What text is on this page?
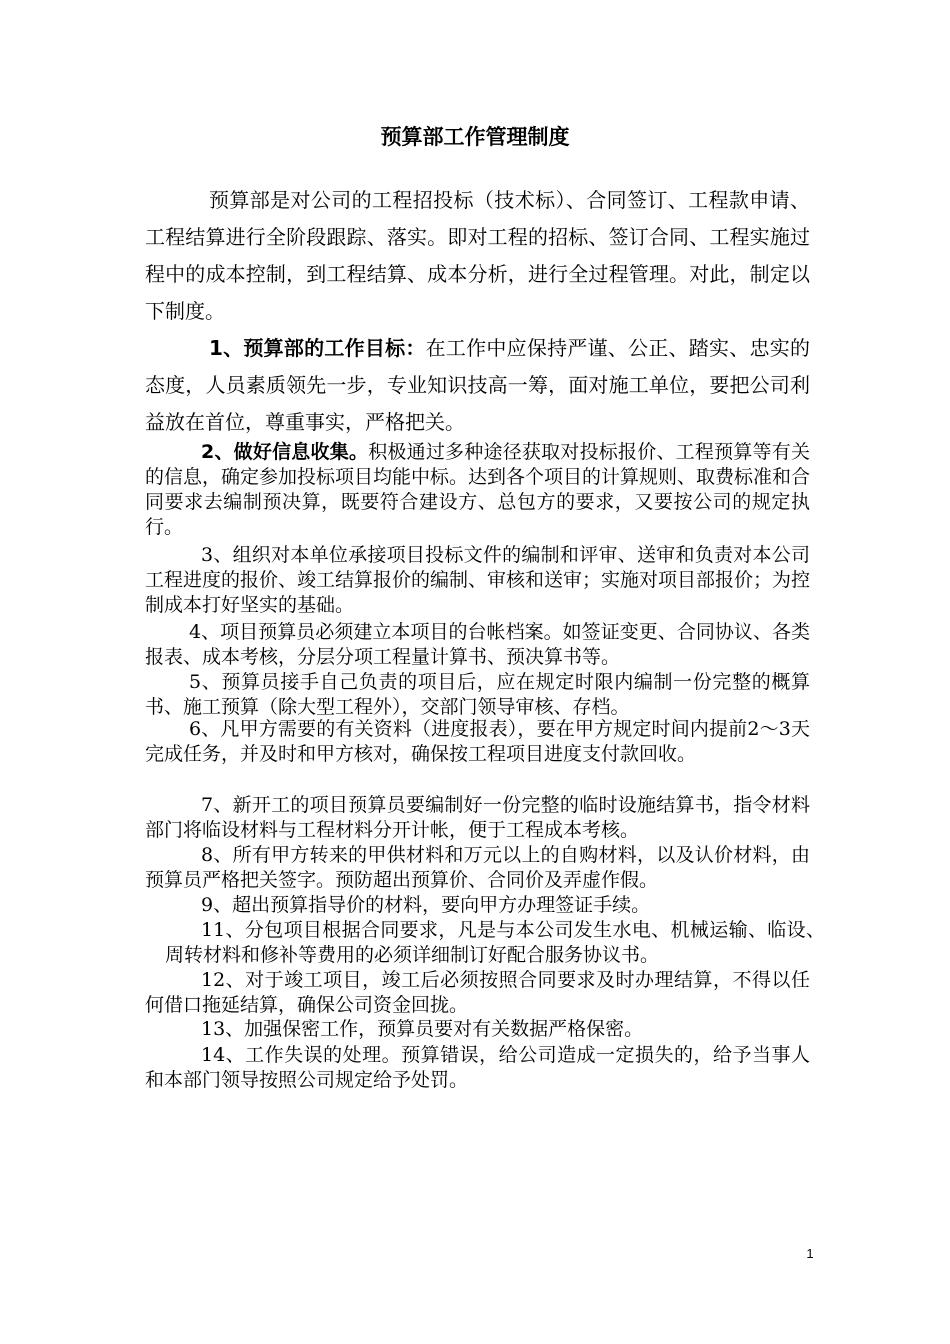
预算部工作管理制度

预算部是对公司的工程招投标（技术标）、合同签订、工程款申请、工程结算进行全阶段跟踪、落实。即对工程的招标、签订合同、工程实施过程中的成本控制，到工程结算、成本分析，进行全过程管理。对此，制定以下制度。

1、预算部的工作目标：在工作中应保持严谨、公正、踏实、忠实的态度，人员素质领先一步，专业知识技高一筹，面对施工单位，要把公司利益放在首位，尊重事实，严格把关。

2、做好信息收集。积极通过多种途径获取对投标报价、工程预算等有关的信息，确定参加投标项目均能中标。达到各个项目的计算规则、取费标准和合同要求去编制预决算，既要符合建设方、总包方的要求，又要按公司的规定执行。

3、组织对本单位承接项目投标文件的编制和评审、送审和负责对本公司工程进度的报价、竣工结算报价的编制、审核和送审；实施对项目部报价；为控制成本打好坚实的基础。

4、项目预算员必须建立本项目的台帐档案。如签证变更、合同协议、各类报表、成本考核，分层分项工程量计算书、预决算书等。

5、预算员接手自己负责的项目后，应在规定时限内编制一份完整的概算书、施工预算（除大型工程外），交部门领导审核、存档。

6、凡甲方需要的有关资料（进度报表），要在甲方规定时间内提前2～3天完成任务，并及时和甲方核对，确保按工程项目进度支付款回收。

7、新开工的项目预算员要编制好一份完整的临时设施结算书，指令材料部门将临设材料与工程材料分开计帐，便于工程成本考核。

8、所有甲方转来的甲供材料和万元以上的自购材料，以及认价材料，由预算员严格把关签字。预防超出预算价、合同价及弄虚作假。

9、超出预算指导价的材料，要向甲方办理签证手续。

11、分包项目根据合同要求，凡是与本公司发生水电、机械运输、临设、周转材料和修补等费用的必须详细制订好配合服务协议书。

12、对于竣工项目，竣工后必须按照合同要求及时办理结算，不得以任何借口拖延结算，确保公司资金回拢。

13、加强保密工作，预算员要对有关数据严格保密。

14、工作失误的处理。预算错误，给公司造成一定损失的，给予当事人和本部门领导按照公司规定给予处罚。

1
